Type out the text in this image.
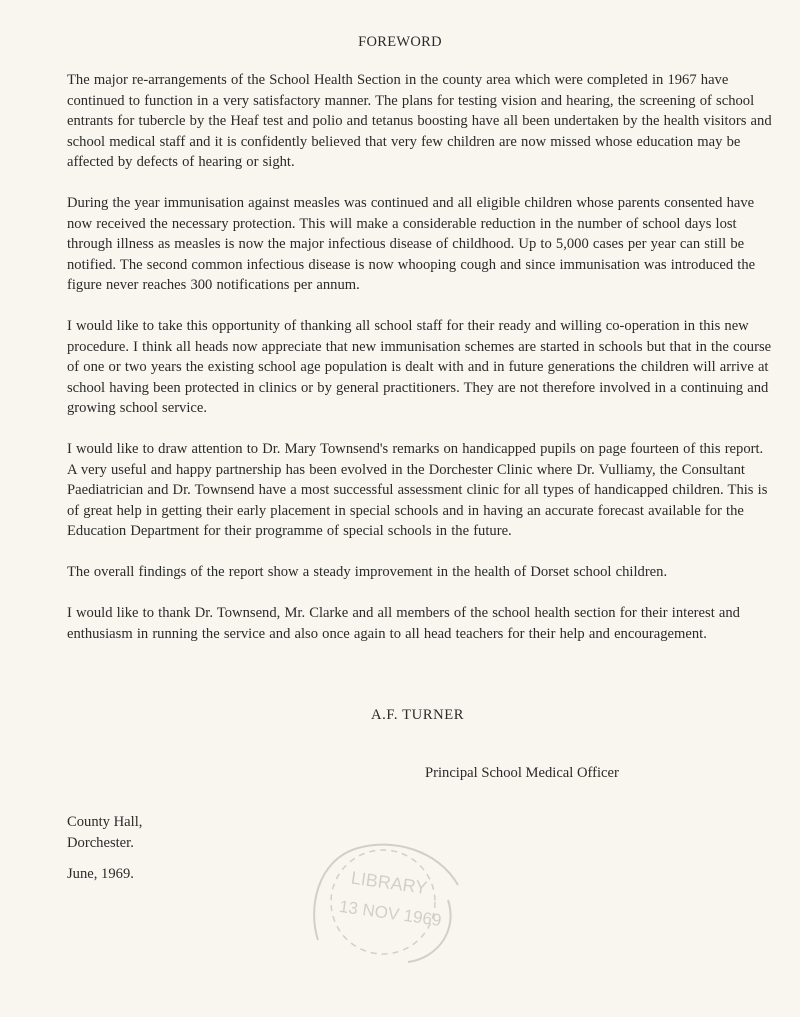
FOREWORD

The major re-arrangements of the School Health Section in the county area which were completed in 1967 have continued to function in a very satisfactory manner. The plans for testing vision and hearing, the screening of school entrants for tubercle by the Heaf test and polio and tetanus boosting have all been undertaken by the health visitors and school medical staff and it is confidently believed that very few children are now missed whose education may be affected by defects of hearing or sight.

During the year immunisation against measles was continued and all eligible children whose parents consented have now received the necessary protection. This will make a considerable reduction in the number of school days lost through illness as measles is now the major infectious disease of childhood. Up to 5,000 cases per year can still be notified. The second common infectious disease is now whooping cough and since immunisation was introduced the figure never reaches 300 notifications per annum.

I would like to take this opportunity of thanking all school staff for their ready and willing co-operation in this new procedure. I think all heads now appreciate that new immunisation schemes are started in schools but that in the course of one or two years the existing school age population is dealt with and in future generations the children will arrive at school having been protected in clinics or by general practitioners. They are not therefore involved in a continuing and growing school service.

I would like to draw attention to Dr. Mary Townsend's remarks on handicapped pupils on page fourteen of this report. A very useful and happy partnership has been evolved in the Dorchester Clinic where Dr. Vulliamy, the Consultant Paediatrician and Dr. Townsend have a most successful assessment clinic for all types of handicapped children. This is of great help in getting their early placement in special schools and in having an accurate forecast available for the Education Department for their programme of special schools in the future.

The overall findings of the report show a steady improvement in the health of Dorset school children.

I would like to thank Dr. Townsend, Mr. Clarke and all members of the school health section for their interest and enthusiasm in running the service and also once again to all head teachers for their help and encouragement.

A.F. TURNER
Principal School Medical Officer
County Hall,
Dorchester.
June, 1969.	LIBRARY
13 NOV 1969
